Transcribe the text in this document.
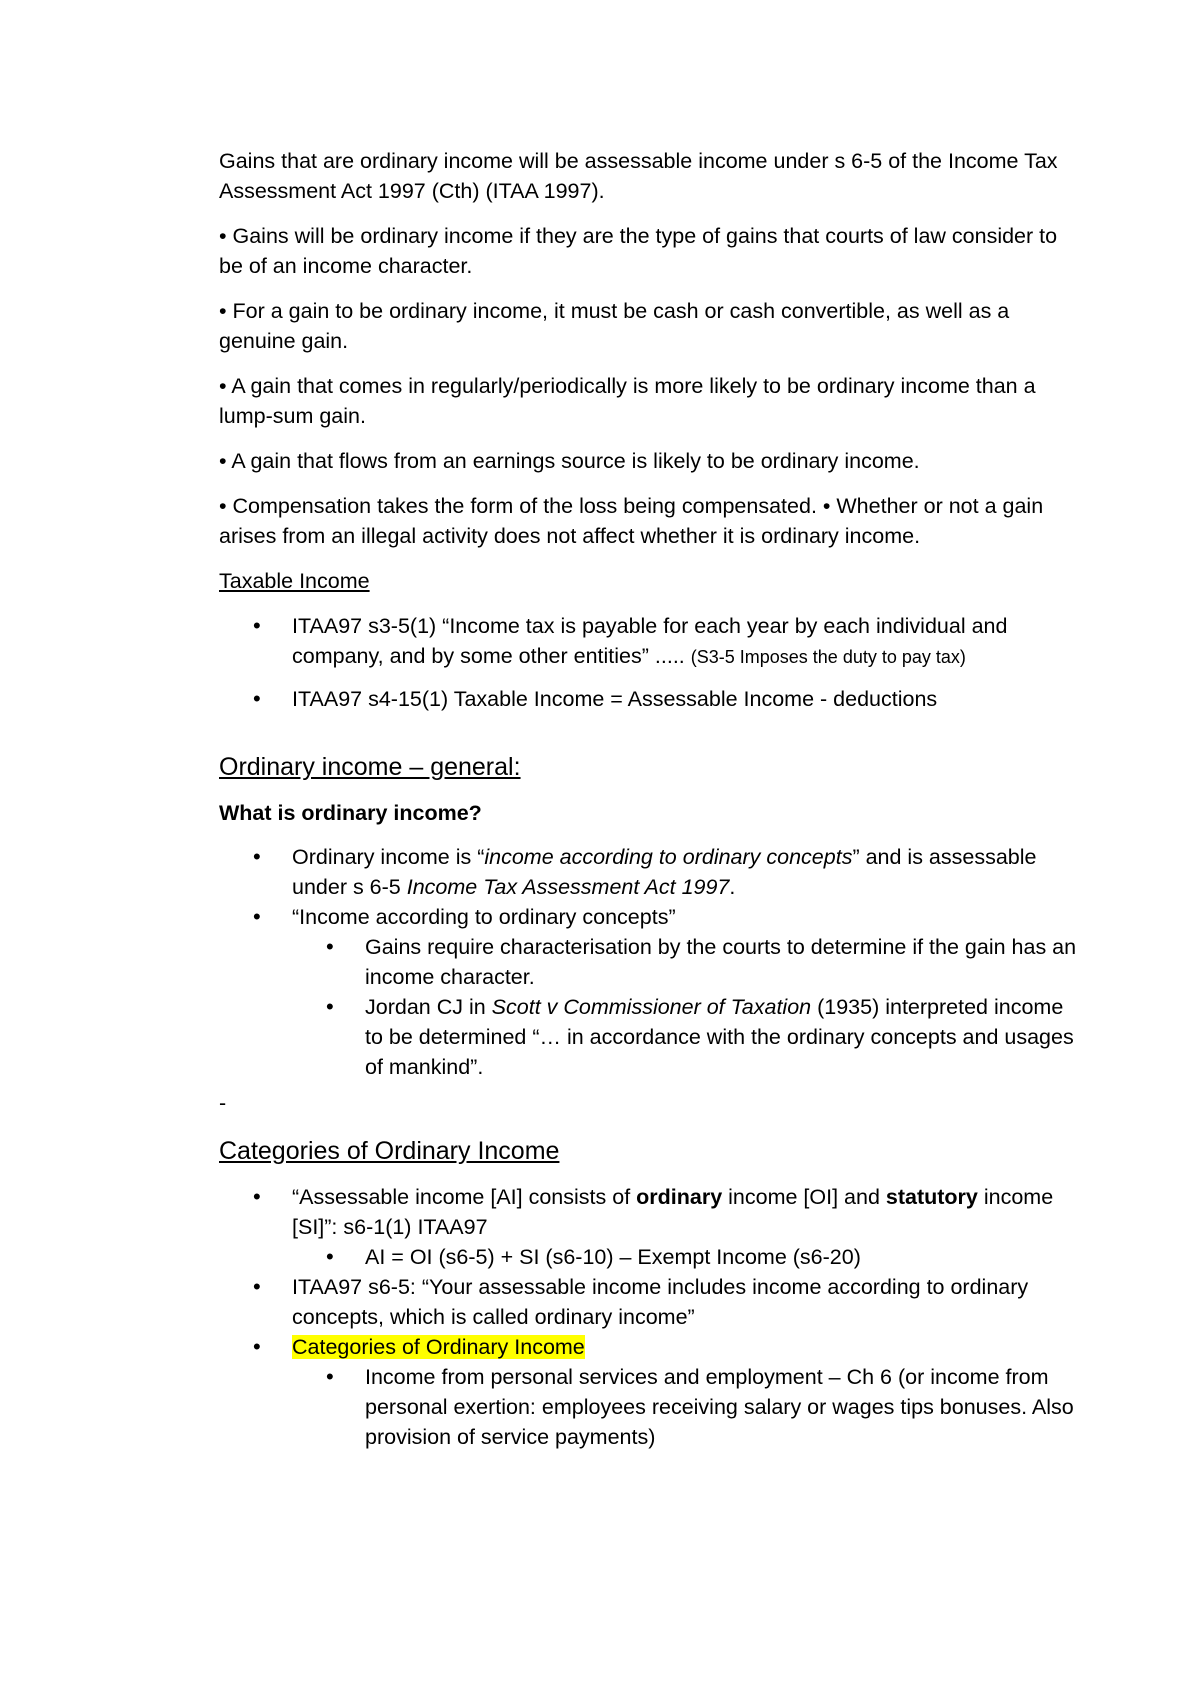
Gains that are ordinary income will be assessable income under s 6-5 of the Income Tax Assessment Act 1997 (Cth) (ITAA 1997).

• Gains will be ordinary income if they are the type of gains that courts of law consider to be of an income character.

• For a gain to be ordinary income, it must be cash or cash convertible, as well as a genuine gain.

• A gain that comes in regularly/periodically is more likely to be ordinary income than a lump-sum gain.

• A gain that flows from an earnings source is likely to be ordinary income.

• Compensation takes the form of the loss being compensated. • Whether or not a gain arises from an illegal activity does not affect whether it is ordinary income.

Taxable Income

• ITAA97 s3-5(1) “Income tax is payable for each year by each individual and company, and by some other entities” ..... (S3-5 Imposes the duty to pay tax)
• ITAA97 s4-15(1) Taxable Income = Assessable Income - deductions

Ordinary income – general:

What is ordinary income?

• Ordinary income is “income according to ordinary concepts” and is assessable under s 6-5 Income Tax Assessment Act 1997.
• “Income according to ordinary concepts”
• Gains require characterisation by the courts to determine if the gain has an income character.
• Jordan CJ in Scott v Commissioner of Taxation (1935) interpreted income to be determined “… in accordance with the ordinary concepts and usages of mankind”.

-

Categories of Ordinary Income

• “Assessable income [AI] consists of ordinary income [OI] and statutory income [SI]”: s6-1(1) ITAA97
• AI = OI (s6-5) + SI (s6-10) – Exempt Income (s6-20)
• ITAA97 s6-5: “Your assessable income includes income according to ordinary concepts, which is called ordinary income”
• Categories of Ordinary Income
• Income from personal services and employment – Ch 6 (or income from personal exertion: employees receiving salary or wages tips bonuses. Also provision of service payments)
